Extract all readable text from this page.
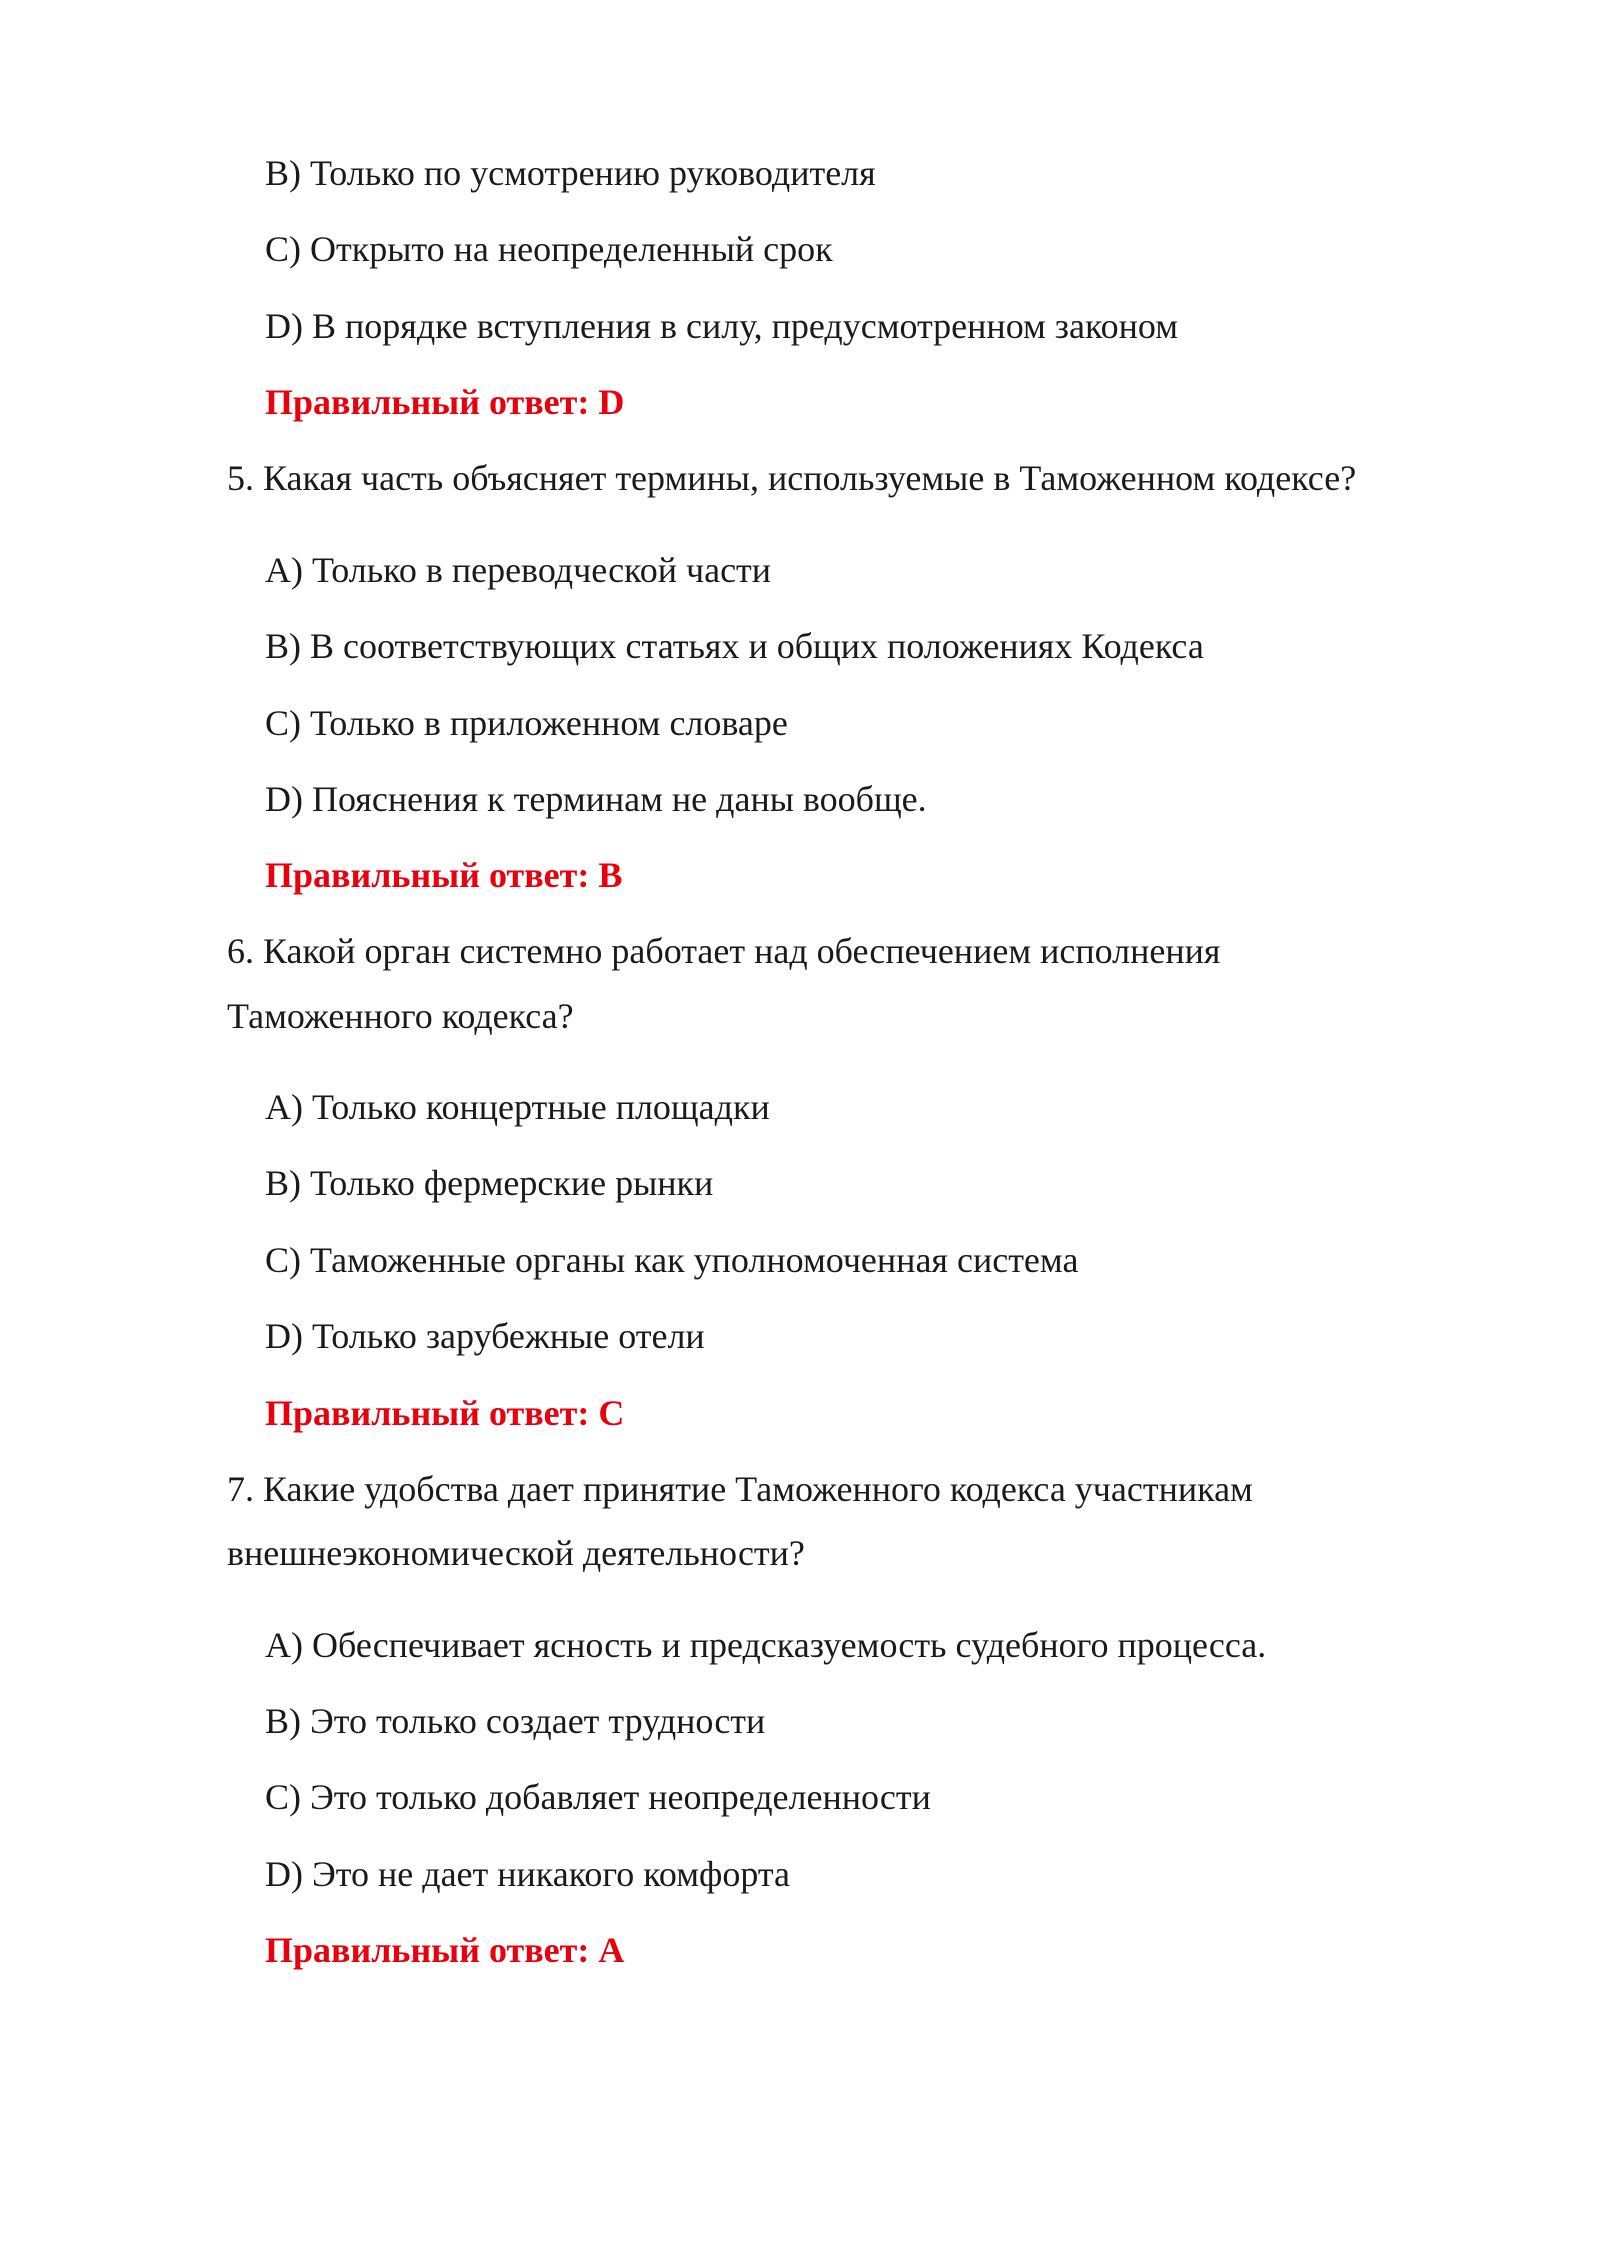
B) Только по усмотрению руководителя

C) Открыто на неопределенный срок

D) В порядке вступления в силу, предусмотренном законом

Правильный ответ: D

5. Какая часть объясняет термины, используемые в Таможенном кодексе?

A) Только в переводческой части

B) В соответствующих статьях и общих положениях Кодекса

C) Только в приложенном словаре

D) Пояснения к терминам не даны вообще.

Правильный ответ: B

6. Какой орган системно работает над обеспечением исполнения

Таможенного кодекса?

A) Только концертные площадки

B) Только фермерские рынки

C) Таможенные органы как уполномоченная система

D) Только зарубежные отели

Правильный ответ: C

7. Какие удобства дает принятие Таможенного кодекса участникам

внешнеэкономической деятельности?

A) Обеспечивает ясность и предсказуемость судебного процесса.

B) Это только создает трудности

C) Это только добавляет неопределенности

D) Это не дает никакого комфорта

Правильный ответ: A
